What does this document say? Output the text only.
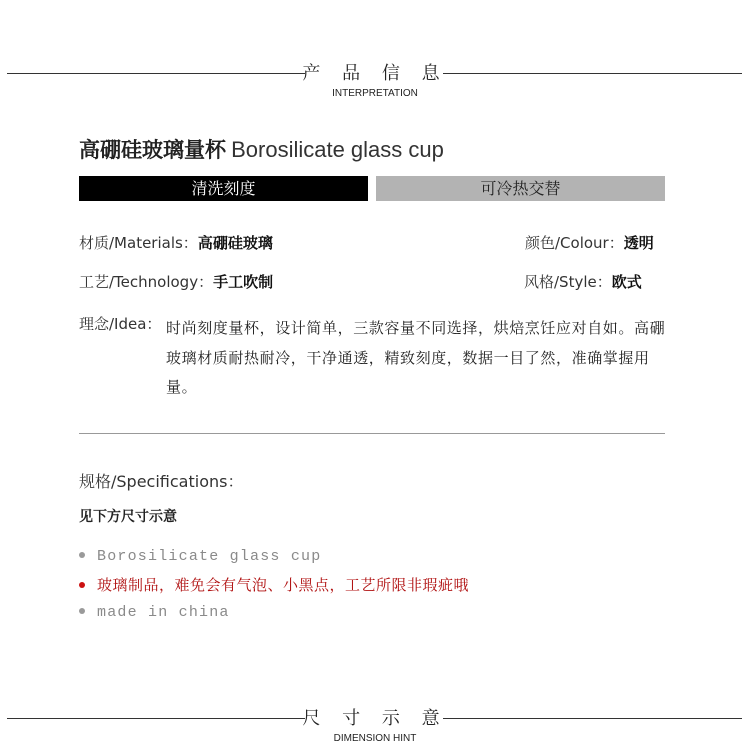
产 品 信 息
INTERPRETATION
高硼硅玻璃量杯 Borosilicate glass cup
清洗刻度	可冷热交替
材质/Materials：高硼硅玻璃	颜色/Colour：透明
工艺/Technology：手工吹制	风格/Style：欧式
理念/Idea： 时尚刻度量杯，设计简单，三款容量不同选择，烘焙烹饪应对自如。高硼玻璃材质耐热耐冷，干净通透，精致刻度，数据一目了然，准确掌握用量。
规格/Specifications：
见下方尺寸示意
Borosilicate glass cup
玻璃制品，难免会有气泡、小黑点，工艺所限非瑕疵哦
made in china
尺 寸 示 意
DIMENSION HINT
